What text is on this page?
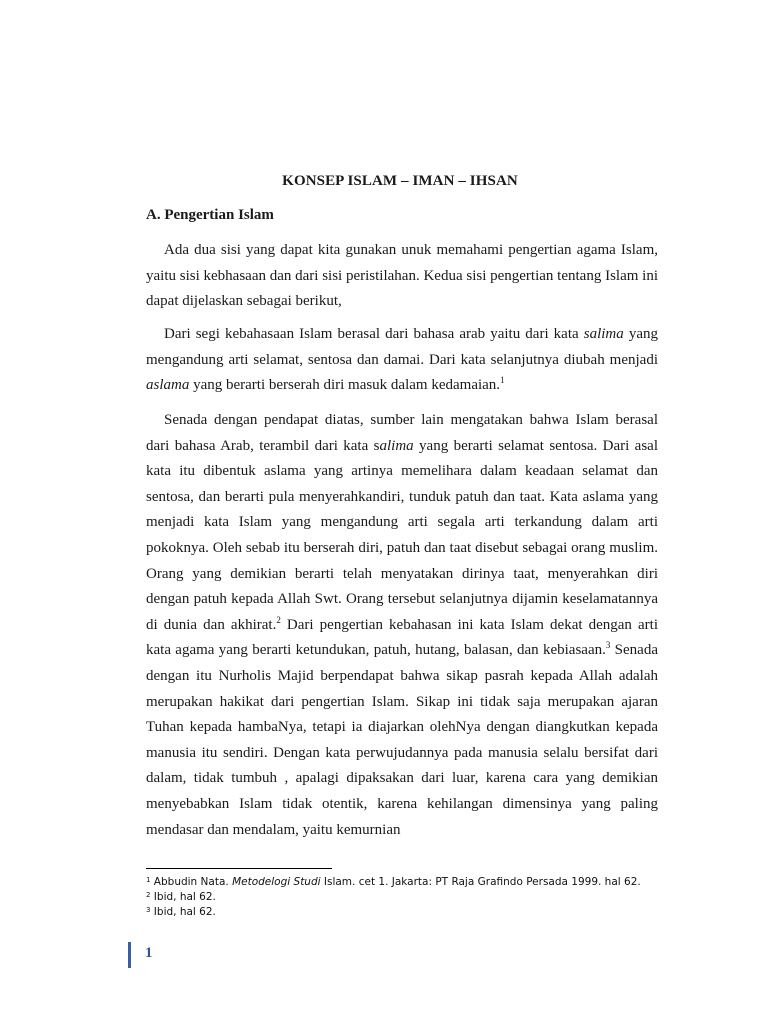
KONSEP ISLAM – IMAN – IHSAN
A. Pengertian Islam

Ada dua sisi yang dapat kita gunakan unuk memahami pengertian agama Islam, yaitu sisi kebhasaan dan dari sisi peristilahan. Kedua sisi pengertian tentang Islam ini dapat dijelaskan sebagai berikut,

Dari segi kebahasaan Islam berasal dari bahasa arab yaitu dari kata salima yang mengandung arti selamat, sentosa dan damai. Dari kata selanjutnya diubah menjadi aslama yang berarti berserah diri masuk dalam kedamaian.$^1$

Senada dengan pendapat diatas, sumber lain mengatakan bahwa Islam berasal dari bahasa Arab, terambil dari kata salima yang berarti selamat sentosa. Dari asal kata itu dibentuk aslama yang artinya memelihara dalam keadaan selamat dan sentosa, dan berarti pula menyerahkandiri, tunduk patuh dan taat. Kata aslama yang menjadi kata Islam yang mengandung arti segala arti terkandung dalam arti pokoknya. Oleh sebab itu berserah diri, patuh dan taat disebut sebagai orang muslim. Orang yang demikian berarti telah menyatakan dirinya taat, menyerahkan diri dengan patuh kepada Allah Swt. Orang tersebut selanjutnya dijamin keselamatannya di dunia dan akhirat.$^2$ Dari pengertian kebahasan ini kata Islam dekat dengan arti kata agama yang berarti ketundukan, patuh, hutang, balasan, dan kebiasaan.$^3$ Senada dengan itu Nurholis Majid berpendapat bahwa sikap pasrah kepada Allah adalah merupakan hakikat dari pengertian Islam. Sikap ini tidak saja merupakan ajaran Tuhan kepada hambaNya, tetapi ia diajarkan olehNya dengan diangkutkan kepada manusia itu sendiri. Dengan kata perwujudannya pada manusia selalu bersifat dari dalam, tidak tumbuh , apalagi dipaksakan dari luar, karena cara yang demikian menyebabkan Islam tidak otentik, karena kehilangan dimensinya yang paling mendasar dan mendalam, yaitu kemurnian

$^1$ Abbudin Nata. Metodelogi Studi Islam. cet 1. Jakarta: PT Raja Grafindo Persada 1999. hal 62.
$^2$ Ibid, hal 62.
$^3$ Ibid, hal 62.
1
